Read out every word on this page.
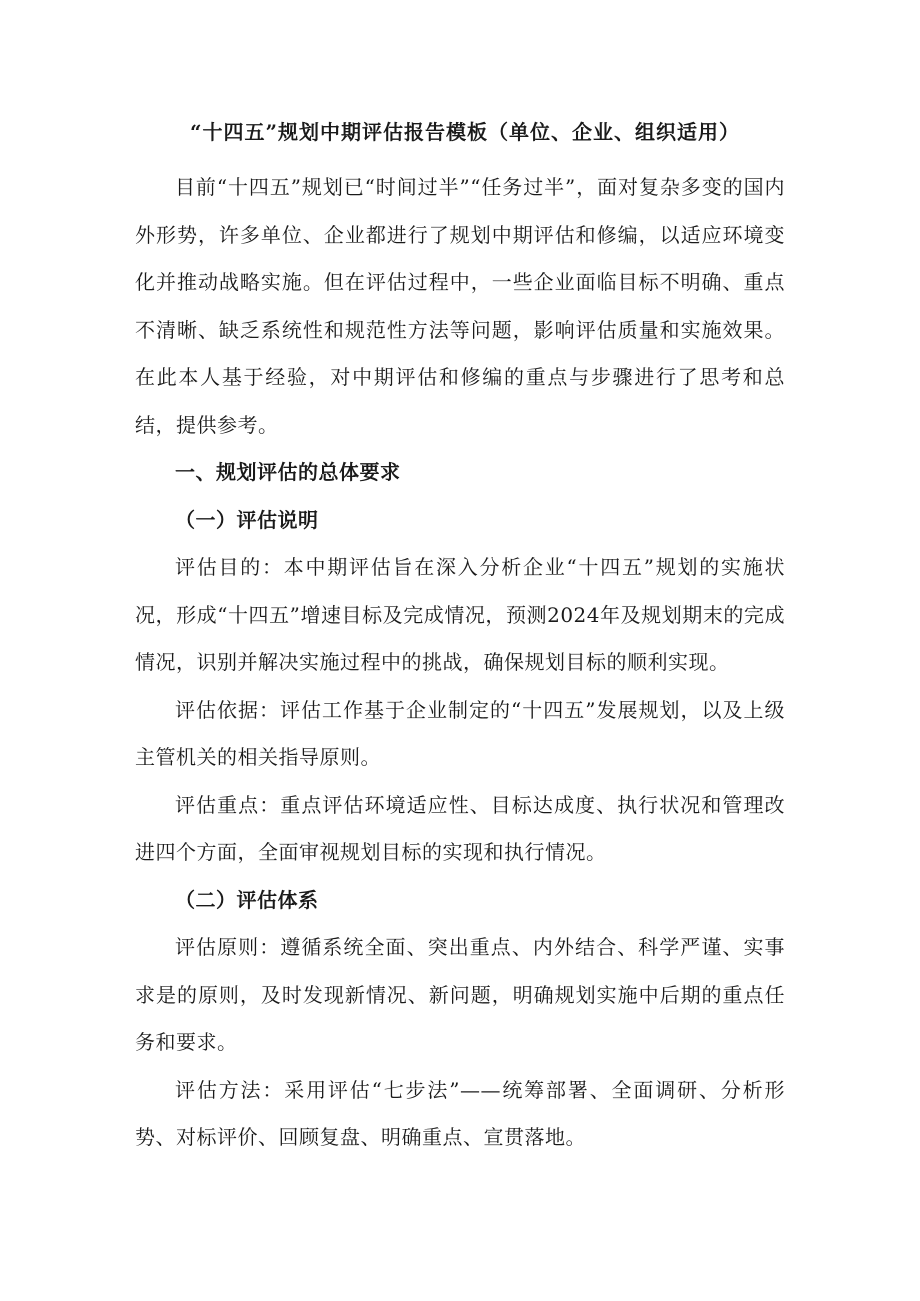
“十四五”规划中期评估报告模板（单位、企业、组织适用）

目前“十四五”规划已“时间过半”“任务过半”，面对复杂多变的国内外形势，许多单位、企业都进行了规划中期评估和修编，以适应环境变化并推动战略实施。但在评估过程中，一些企业面临目标不明确、重点不清晰、缺乏系统性和规范性方法等问题，影响评估质量和实施效果。在此本人基于经验，对中期评估和修编的重点与步骤进行了思考和总结，提供参考。

一、规划评估的总体要求

（一）评估说明

评估目的：本中期评估旨在深入分析企业“十四五”规划的实施状况，形成“十四五”增速目标及完成情况，预测2024年及规划期末的完成情况，识别并解决实施过程中的挑战，确保规划目标的顺利实现。

评估依据：评估工作基于企业制定的“十四五”发展规划，以及上级主管机关的相关指导原则。

评估重点：重点评估环境适应性、目标达成度、执行状况和管理改进四个方面，全面审视规划目标的实现和执行情况。

（二）评估体系

评估原则：遵循系统全面、突出重点、内外结合、科学严谨、实事求是的原则，及时发现新情况、新问题，明确规划实施中后期的重点任务和要求。

评估方法：采用评估“七步法”——统筹部署、全面调研、分析形势、对标评价、回顾复盘、明确重点、宣贯落地。
